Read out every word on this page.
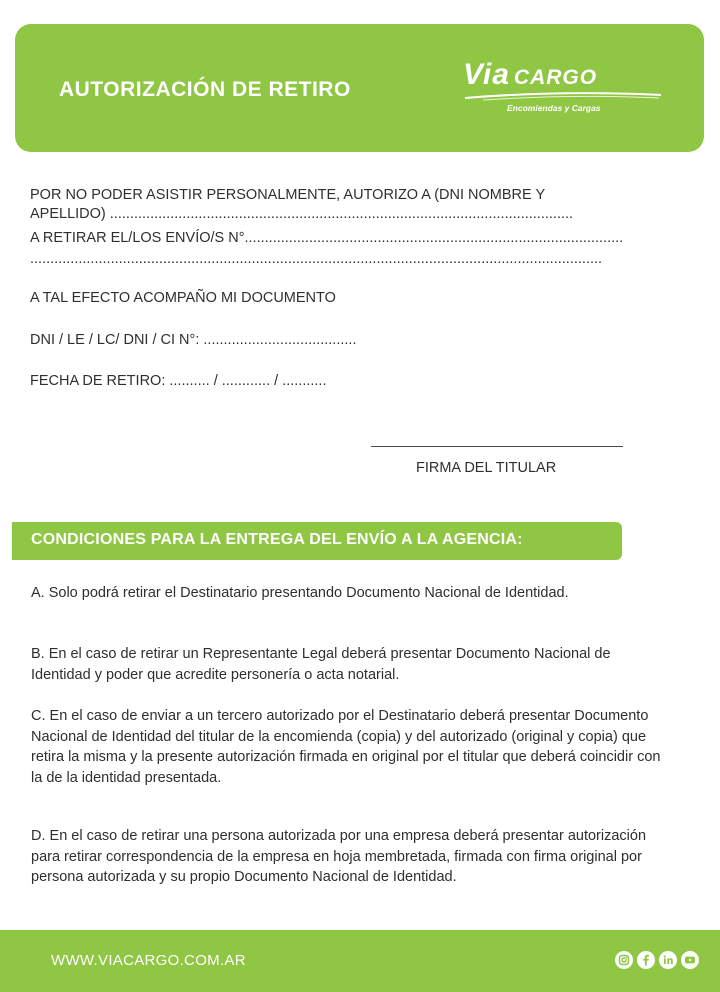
AUTORIZACIÓN DE RETIRO	Via CARGO
Encomiendas y Cargas

POR NO PODER ASISTIR PERSONALMENTE, AUTORIZO A (DNI NOMBRE Y

APELLIDO) ...................................................................................................................

A RETIRAR EL/LOS ENVÍO/S N°..............................................................................................

..............................................................................................................................................

A TAL EFECTO ACOMPAÑO MI DOCUMENTO

DNI / LE / LC/ DNI / CI N°: ......................................

FECHA DE RETIRO: .......... / ............ / ...........

FIRMA DEL TITULAR
CONDICIONES PARA LA ENTREGA DEL ENVÍO A LA AGENCIA:

A. Solo podrá retirar el Destinatario presentando Documento Nacional de Identidad.

B. En el caso de retirar un Representante Legal deberá presentar Documento Nacional de Identidad y poder que acredite personería o acta notarial.

C. En el caso de enviar a un tercero autorizado por el Destinatario deberá presentar Documento Nacional de Identidad del titular de la encomienda (copia) y del autorizado (original y copia) que retira la misma y la presente autorización firmada en original por el titular que deberá coincidir con la de la identidad presentada.

D. En el caso de retirar una persona autorizada por una empresa deberá presentar autorización para retirar correspondencia de la empresa en hoja membretada, firmada con firma original por persona autorizada y su propio Documento Nacional de Identidad.

WWW.VIACARGO.COM.AR
